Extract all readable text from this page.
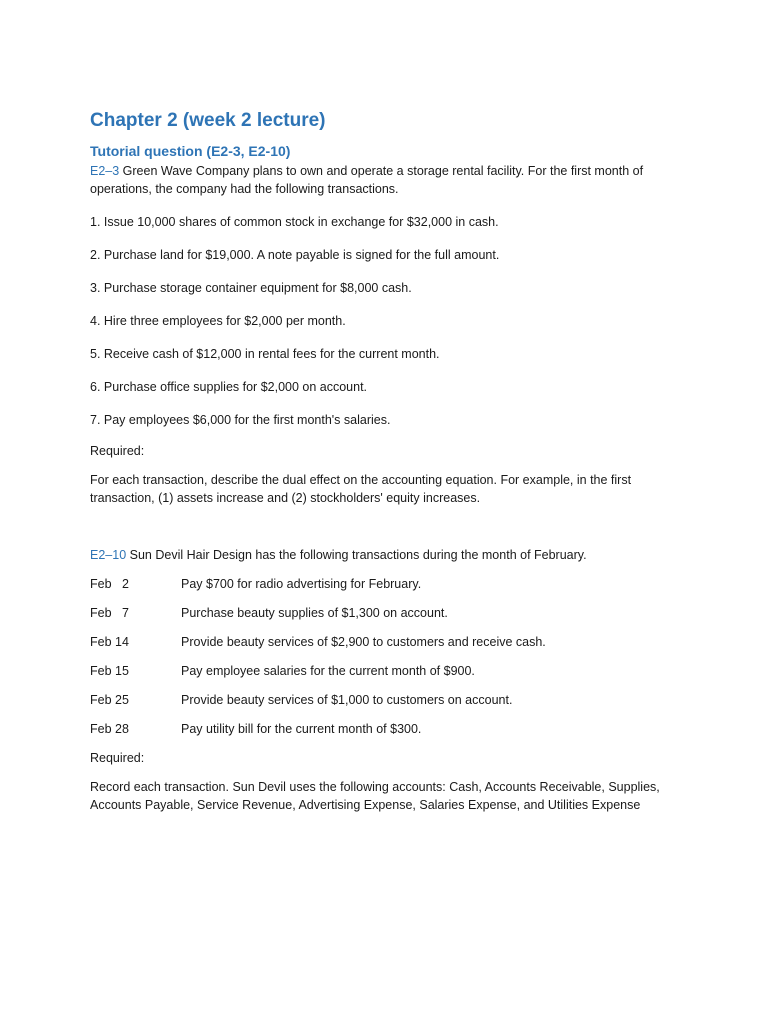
Chapter 2 (week 2 lecture)
Tutorial question (E2-3, E2-10)

E2–3 Green Wave Company plans to own and operate a storage rental facility. For the first month of operations, the company had the following transactions.

1. Issue 10,000 shares of common stock in exchange for $32,000 in cash.

2. Purchase land for $19,000. A note payable is signed for the full amount.

3. Purchase storage container equipment for $8,000 cash.

4. Hire three employees for $2,000 per month.

5. Receive cash of $12,000 in rental fees for the current month.

6. Purchase office supplies for $2,000 on account.

7. Pay employees $6,000 for the first month's salaries.

Required:

For each transaction, describe the dual effect on the accounting equation. For example, in the first transaction, (1) assets increase and (2) stockholders' equity increases.

E2–10 Sun Devil Hair Design has the following transactions during the month of February.

Feb   2	Pay $700 for radio advertising for February.
Feb   7	Purchase beauty supplies of $1,300 on account.
Feb 14	Provide beauty services of $2,900 to customers and receive cash.
Feb 15	Pay employee salaries for the current month of $900.
Feb 25	Provide beauty services of $1,000 to customers on account.
Feb 28	Pay utility bill for the current month of $300.

Required:

Record each transaction. Sun Devil uses the following accounts: Cash, Accounts Receivable, Supplies, Accounts Payable, Service Revenue, Advertising Expense, Salaries Expense, and Utilities Expense
